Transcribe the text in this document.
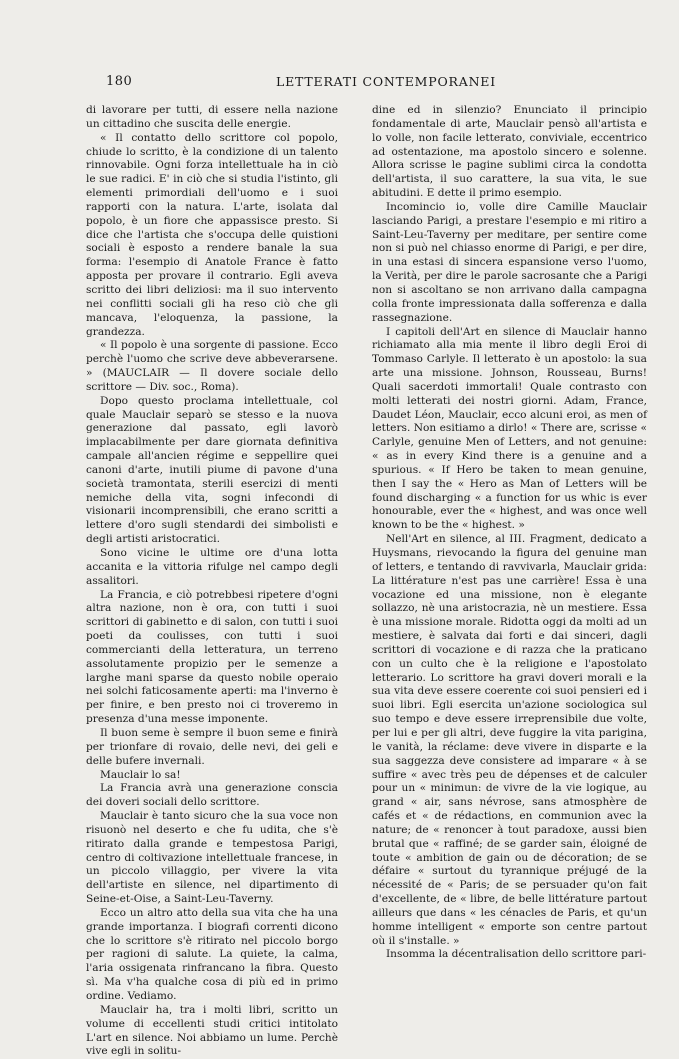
180	LETTERATI CONTEMPORANEI

di lavorare per tutti, di essere nella nazione un cittadino che suscita delle energie.

« Il contatto dello scrittore col popolo, chiude lo scritto, è la condizione di un talento rinnovabile. Ogni forza intellettuale ha in ciò le sue radici. E' in ciò che si studia l'istinto, gli elementi primordiali dell'uomo e i suoi rapporti con la natura. L'arte, isolata dal popolo, è un fiore che appassisce presto. Si dice che l'artista che s'occupa delle quistioni sociali è esposto a rendere banale la sua forma: l'esempio di Anatole France è fatto apposta per provare il contrario. Egli aveva scritto dei libri deliziosi: ma il suo intervento nei conflitti sociali gli ha reso ciò che gli mancava, l'eloquenza, la passione, la grandezza.

« Il popolo è una sorgente di passione. Ecco perchè l'uomo che scrive deve abbeverarsene. » (MAUCLAIR — Il dovere sociale dello scrittore — Div. soc., Roma).

Dopo questo proclama intellettuale, col quale Mauclair separò se stesso e la nuova generazione dal passato, egli lavorò implacabilmente per dare giornata definitiva campale all'ancien régime e seppellire quei canoni d'arte, inutili piume di pavone d'una società tramontata, sterili esercizi di menti nemiche della vita, sogni infecondi di visionarii incomprensibili, che erano scritti a lettere d'oro sugli stendardi dei simbolisti e degli artisti aristocratici.

Sono vicine le ultime ore d'una lotta accanita e la vittoria rifulge nel campo degli assalitori.

La Francia, e ciò potrebbesi ripetere d'ogni altra nazione, non è ora, con tutti i suoi scrittori di gabinetto e di salon, con tutti i suoi poeti da coulisses, con tutti i suoi commercianti della letteratura, un terreno assolutamente propizio per le semenze a larghe mani sparse da questo nobile operaio nei solchi faticosamente aperti: ma l'inverno è per finire, e ben presto noi ci troveremo in presenza d'una messe imponente.

Il buon seme è sempre il buon seme e finirà per trionfare di rovaio, delle nevi, dei geli e delle bufere invernali.

Mauclair lo sa!

La Francia avrà una generazione conscia dei doveri sociali dello scrittore.

Mauclair è tanto sicuro che la sua voce non risuonò nel deserto e che fu udita, che s'è ritirato dalla grande e tempestosa Parigi, centro di coltivazione intellettuale francese, in un piccolo villaggio, per vivere la vita dell'artiste en silence, nel dipartimento di Seine-et-Oise, a Saint-Leu-Taverny.

Ecco un altro atto della sua vita che ha una grande importanza. I biografi correnti dicono che lo scrittore s'è ritirato nel piccolo borgo per ragioni di salute. La quiete, la calma, l'aria ossigenata rinfrancano la fibra. Questo sì. Ma v'ha qualche cosa di più ed in primo ordine. Vediamo.

Mauclair ha, tra i molti libri, scritto un volume di eccellenti studi critici intitolato L'art en silence. Noi abbiamo un lume. Perchè vive egli in solitu-

dine ed in silenzio? Enunciato il principio fondamentale di arte, Mauclair pensò all'artista e lo volle, non facile letterato, conviviale, eccentrico ad ostentazione, ma apostolo sincero e solenne. Allora scrisse le pagine sublimi circa la condotta dell'artista, il suo carattere, la sua vita, le sue abitudini. E dette il primo esempio.

Incomincio io, volle dire Camille Mauclair lasciando Parigi, a prestare l'esempio e mi ritiro a Saint-Leu-Taverny per meditare, per sentire come non si può nel chiasso enorme di Parigi, e per dire, in una estasi di sincera espansione verso l'uomo, la Verità, per dire le parole sacrosante che a Parigi non si ascoltano se non arrivano dalla campagna colla fronte impressionata dalla sofferenza e dalla rassegnazione.

I capitoli dell'Art en silence di Mauclair hanno richiamato alla mia mente il libro degli Eroi di Tommaso Carlyle. Il letterato è un apostolo: la sua arte una missione. Johnson, Rousseau, Burns! Quali sacerdoti immortali! Quale contrasto con molti letterati dei nostri giorni. Adam, France, Daudet Léon, Mauclair, ecco alcuni eroi, as men of letters. Non esitiamo a dirlo! « There are, scrisse « Carlyle, genuine Men of Letters, and not genuine: « as in every Kind there is a genuine and a spurious. « If Hero be taken to mean genuine, then I say the « Hero as Man of Letters will be found discharging « a function for us whic is ever honourable, ever the « highest, and was once well known to be the « highest. »

Nell'Art en silence, al III. Fragment, dedicato a Huysmans, rievocando la figura del genuine man of letters, e tentando di ravvivarla, Mauclair grida: La littérature n'est pas une carrière! Essa è una vocazione ed una missione, non è elegante sollazzo, nè una aristocrazia, nè un mestiere. Essa è una missione morale. Ridotta oggi da molti ad un mestiere, è salvata dai forti e dai sinceri, dagli scrittori di vocazione e di razza che la praticano con un culto che è la religione e l'apostolato letterario. Lo scrittore ha gravi doveri morali e la sua vita deve essere coerente coi suoi pensieri ed i suoi libri. Egli esercita un'azione sociologica sul suo tempo e deve essere irreprensibile due volte, per lui e per gli altri, deve fuggire la vita parigina, le vanità, la réclame: deve vivere in disparte e la sua saggezza deve consistere ad imparare « à se suffire « avec très peu de dépenses et de calculer pour un « minimun: de vivre de la vie logique, au grand « air, sans névrose, sans atmosphère de cafés et « de rédactions, en communion avec la nature; de « renoncer à tout paradoxe, aussi bien brutal que « raffiné; de se garder sain, éloigné de toute « ambition de gain ou de décoration; de se défaire « surtout du tyrannique préjugé de la nécessité de « Paris; de se persuader qu'on fait d'excellente, de « libre, de belle littérature partout ailleurs que dans « les cénacles de Paris, et qu'un homme intelligent « emporte son centre partout où il s'installe. »

Insomma la décentralisation dello scrittore pari-
